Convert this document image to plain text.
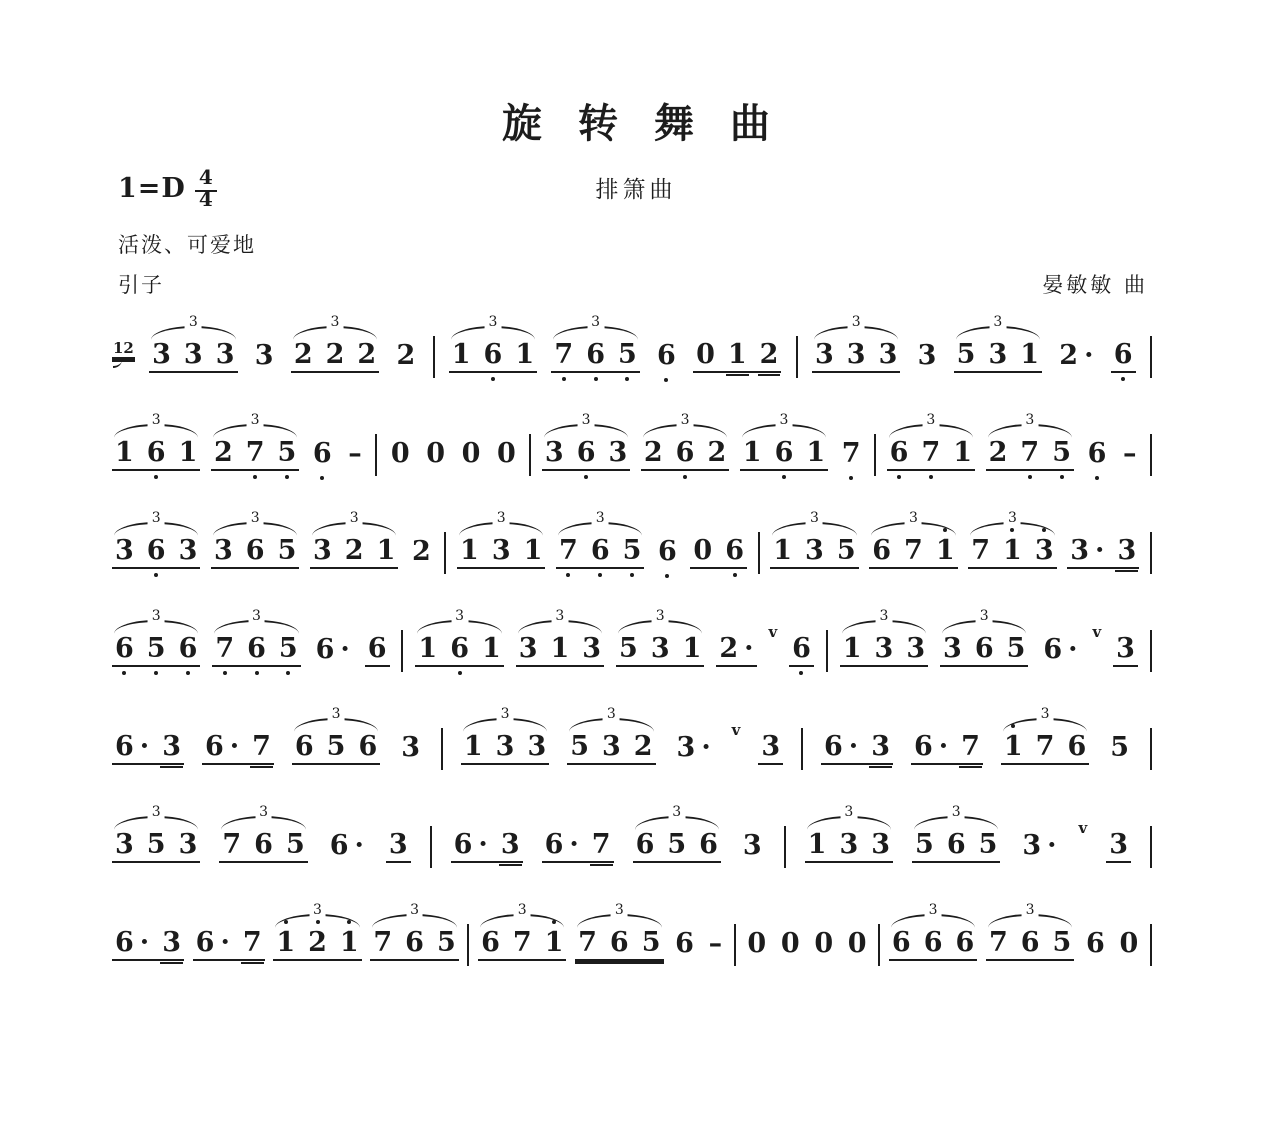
旋转舞曲
$1=D \frac{4}{4}$	排箫曲
活泼、可爱地
引子	晏敏敏 曲
12
3
3 3 3 3
3
2 2 2 2
3
1 6 1
3
7 6 5 6 0 1 2
3
3 3 3 3
3
5 3 1 2 · 6
3
1 6 1
3
2 7 5 6 – 0 0 0 0
3
3 6 3
3
2 6 2
3
1 6 1 7
3
6 7 1
3
2 7 5 6 –
3
3 6 3
3
3 6 5
3
3 2 1 2
3
1 3 1
3
7 6 5 6 0 6
3
1 3 5
3
6 7 1
3
7 1 3 3 · 3
3
6 5 6
3
7 6 5 6 · 6
3
1 6 1
3
3 1 3
3
5 3 1 2 ·
v
6
3
1 3 3
3
3 6 5 6 ·
v
3
6 · 3 6 · 7
3
6 5 6 3
3
1 3 3
3
5 3 2 3 ·
v
3 6 · 3 6 · 7
3
1 7 6 5
3
3 5 3
3
7 6 5 6 · 3 6 · 3 6 · 7
3
6 5 6 3
3
1 3 3
3
5 6 5 3 ·
v
3
6 · 3 6 · 7
3
1 2 1
3
7 6 5
3
6 7 1
3
7 6 5 6 – 0 0 0 0
3
6 6 6
3
7 6 5 6 0
